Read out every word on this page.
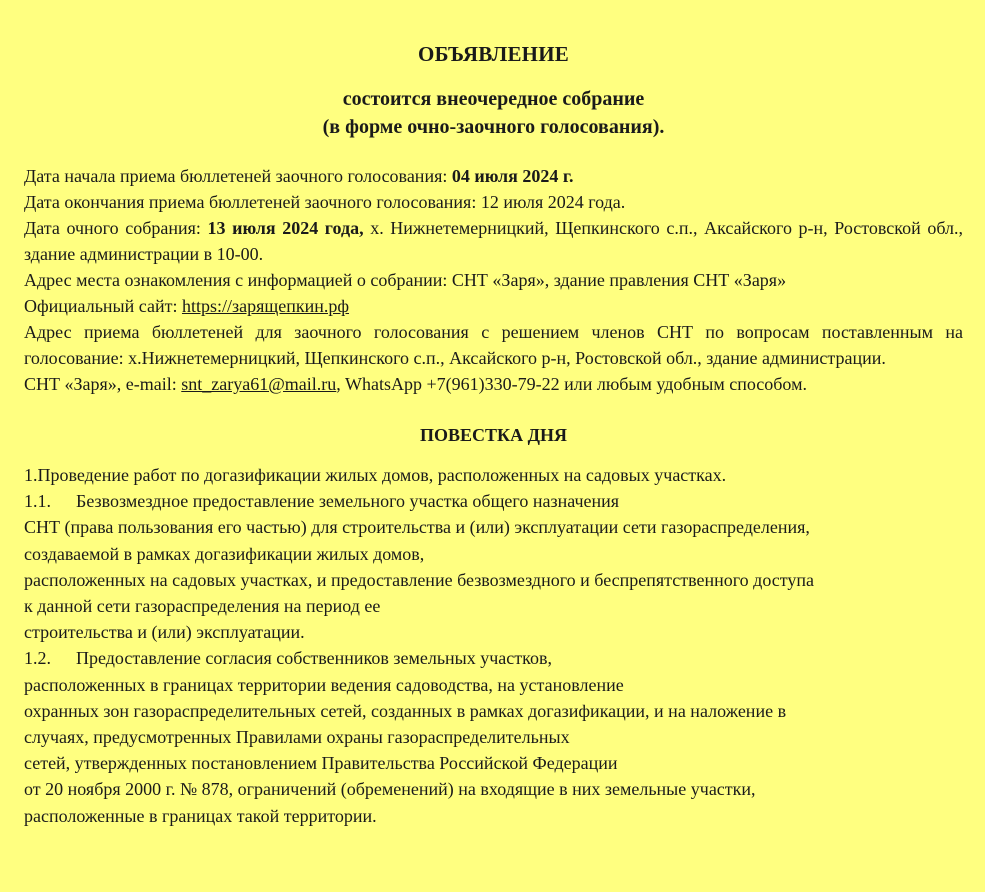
ОБЪЯВЛЕНИЕ
состоится внеочередное собрание
(в форме очно-заочного голосования).

Дата начала приема бюллетеней заочного голосования: 04 июля 2024 г.

Дата окончания приема бюллетеней заочного голосования: 12 июля 2024 года.

Дата очного собрания: 13 июля 2024 года, х. Нижнетемерницкий, Щепкинского с.п., Аксайского р-н, Ростовской обл., здание администрации в 10-00.

Адрес места ознакомления с информацией о собрании: СНТ «Заря», здание правления СНТ «Заря»

Официальный сайт: https://зарящепкин.рф

Адрес приема бюллетеней для заочного голосования с решением членов СНТ по вопросам поставленным на голосование: х.Нижнетемерницкий, Щепкинского с.п., Аксайского р-н, Ростовской обл., здание администрации.

СНТ «Заря», e-mail: snt_zarya61@mail.ru, WhatsApp +7(961)330-79-22 или любым удобным способом.

ПОВЕСТКА ДНЯ

1.Проведение работ по догазификации жилых домов, расположенных на садовых участках.

1.1. Безвозмездное предоставление земельного участка общего назначения

СНТ (права пользования его частью) для строительства и (или) эксплуатации сети газораспределения,

создаваемой в рамках догазификации жилых домов,

расположенных на садовых участках, и предоставление безвозмездного и беспрепятственного доступа

к данной сети газораспределения на период ее

строительства и (или) эксплуатации.

1.2. Предоставление согласия собственников земельных участков,

расположенных в границах территории ведения садоводства, на установление

охранных зон газораспределительных сетей, созданных в рамках догазификации, и на наложение в

случаях, предусмотренных Правилами охраны газораспределительных

сетей, утвержденных постановлением Правительства Российской Федерации

от 20 ноября 2000 г. № 878, ограничений (обременений) на входящие в них земельные участки,

расположенные в границах такой территории.
